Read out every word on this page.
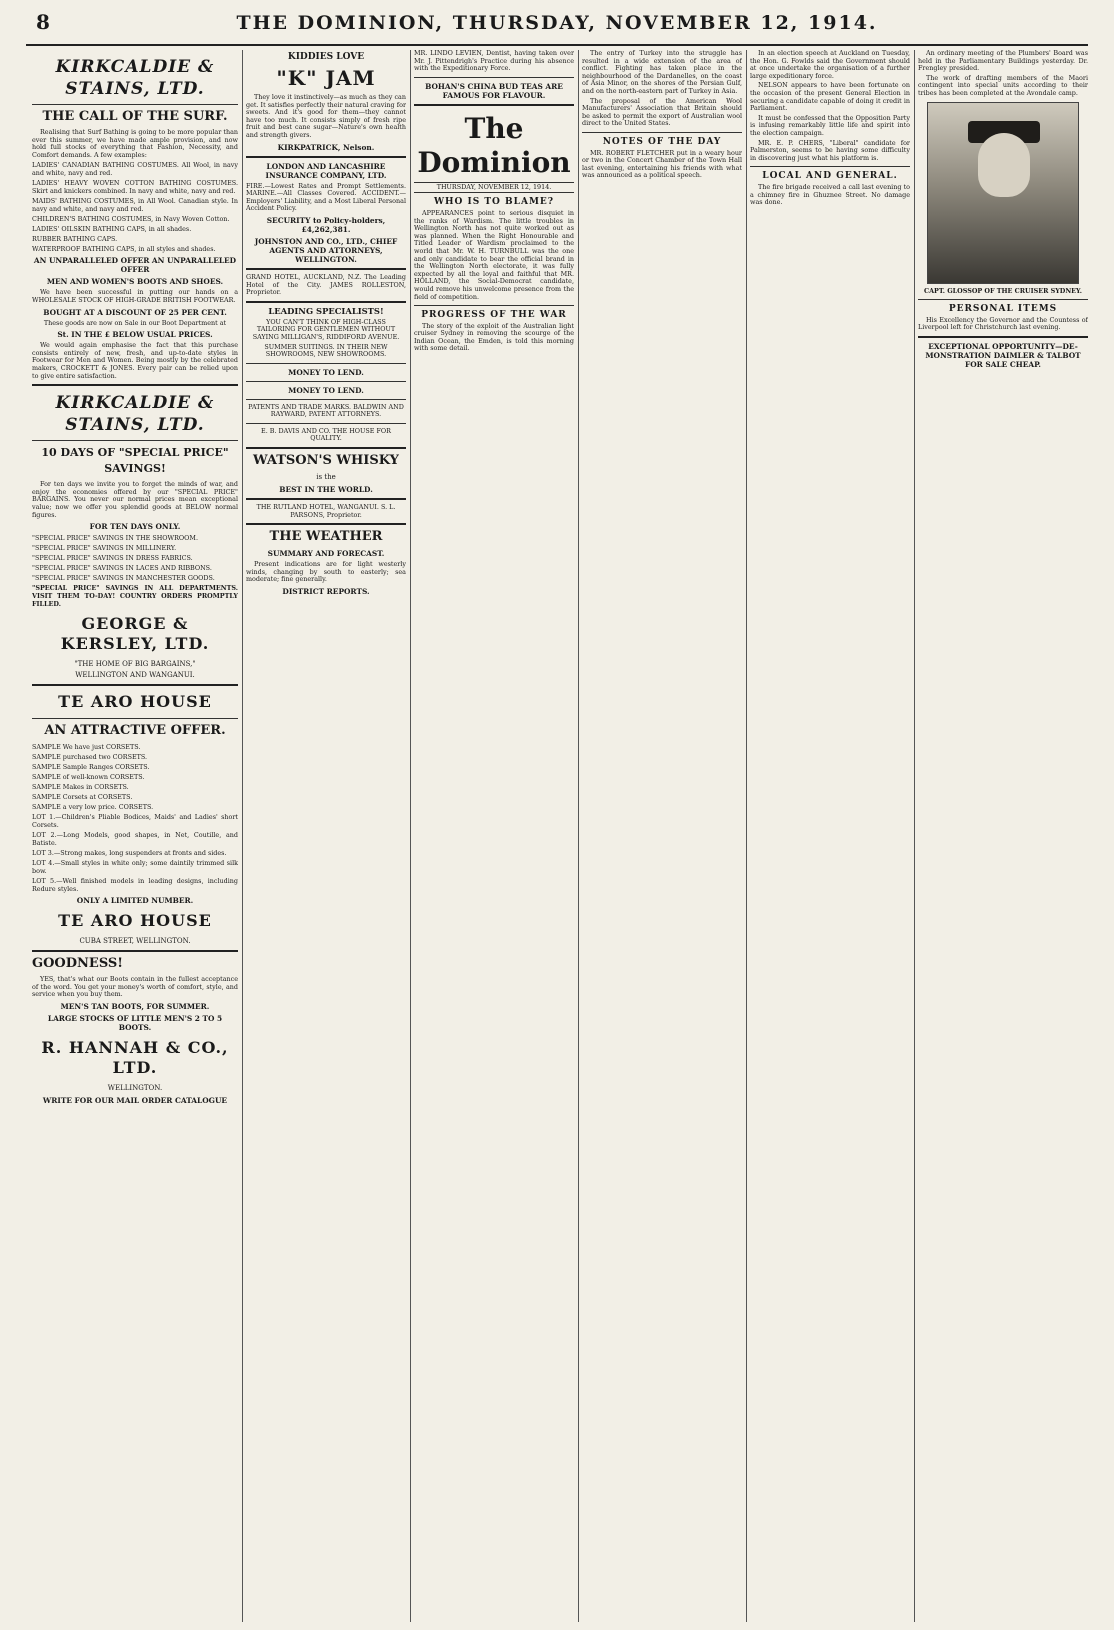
8	THE DOMINION, THURSDAY, NOVEMBER 12, 1914.
KIRKCALDIE & STAINS, LTD.
THE CALL OF THE SURF.

Realising that Surf Bathing is going to be more popular than ever this summer, we have made ample provision, and now hold full stocks of everything that Fashion, Necessity, and Comfort demands. A few examples:

LADIES' CANADIAN BATHING COSTUMES. All Wool, in navy and white, navy and red.

LADIES' HEAVY WOVEN COTTON BATHING COSTUMES. Skirt and knickers combined. In navy and white, navy and red.

MAIDS' BATHING COSTUMES, in All Wool. Canadian style. In navy and white, and navy and red.

CHILDREN'S BATHING COSTUMES, in Navy Woven Cotton.

LADIES' OILSKIN BATHING CAPS, in all shades.

RUBBER BATHING CAPS.

WATERPROOF BATHING CAPS, in all styles and shades.

AN UNPARALLELED OFFER AN UNPARALLELED OFFER
MEN AND WOMEN'S BOOTS AND SHOES.

We have been successful in putting our hands on a WHOLESALE STOCK OF HIGH-GRADE BRITISH FOOTWEAR.

BOUGHT AT A DISCOUNT OF 25 PER CENT.

These goods are now on Sale in our Boot Department at

St. IN THE £ BELOW USUAL PRICES.

We would again emphasise the fact that this purchase consists entirely of new, fresh, and up-to-date styles in Footwear for Men and Women. Being mostly by the celebrated makers, CROCKETT & JONES. Every pair can be relied upon to give entire satisfaction.

KIRKCALDIE & STAINS, LTD.
10 DAYS OF "SPECIAL PRICE" SAVINGS!

For ten days we invite you to forget the minds of war, and enjoy the economies offered by our "SPECIAL PRICE" BARGAINS. You never our normal prices mean exceptional value; now we offer you splendid goods at BELOW normal figures.

FOR TEN DAYS ONLY.

"SPECIAL PRICE" SAVINGS IN THE SHOWROOM.

"SPECIAL PRICE" SAVINGS IN MILLINERY.

"SPECIAL PRICE" SAVINGS IN DRESS FABRICS.

"SPECIAL PRICE" SAVINGS IN LACES AND RIBBONS.

"SPECIAL PRICE" SAVINGS IN MANCHESTER GOODS.

"SPECIAL PRICE" SAVINGS IN ALL DEPARTMENTS. VISIT THEM TO-DAY! COUNTRY ORDERS PROMPTLY FILLED.

GEORGE & KERSLEY, LTD.
"THE HOME OF BIG BARGAINS,"
WELLINGTON AND WANGANUI.
TE ARO HOUSE
AN ATTRACTIVE OFFER.

SAMPLE We have just CORSETS.

SAMPLE purchased two CORSETS.

SAMPLE Sample Ranges CORSETS.

SAMPLE of well-known CORSETS.

SAMPLE Makes in CORSETS.

SAMPLE Corsets at CORSETS.

SAMPLE a very low price. CORSETS.

LOT 1.—Children's Pliable Bodices, Maids' and Ladies' short Corsets.

LOT 2.—Long Models, good shapes, in Net, Coutille, and Batiste.

LOT 3.—Strong makes, long suspenders at fronts and sides.

LOT 4.—Small styles in white only; some daintily trimmed silk bow.

LOT 5.—Well finished models in leading designs, including Redure styles.

ONLY A LIMITED NUMBER.
TE ARO HOUSE
CUBA STREET, WELLINGTON.
GOODNESS!

YES, that's what our Boots contain in the fullest acceptance of the word. You get your money's worth of comfort, style, and service when you buy them.

MEN'S TAN BOOTS, FOR SUMMER.
LARGE STOCKS OF LITTLE MEN'S 2 TO 5 BOOTS.
R. HANNAH & CO., LTD.
WELLINGTON.
WRITE FOR OUR MAIL ORDER CATALOGUE
KIDDIES LOVE
"K" JAM

They love it instinctively—as much as they can get. It satisfies perfectly their natural craving for sweets. And it's good for them—they cannot have too much. It consists simply of fresh ripe fruit and best cane sugar—Nature's own health and strength givers.

KIRKPATRICK, Nelson.
LONDON AND LANCASHIRE INSURANCE COMPANY, LTD.

FIRE.—Lowest Rates and Prompt Settlements. MARINE.—All Classes Covered. ACCIDENT.—Employers' Liability, and a Most Liberal Personal Accident Policy.

SECURITY to Policy-holders, £4,262,381.
JOHNSTON AND CO., LTD., CHIEF AGENTS AND ATTORNEYS, WELLINGTON.

GRAND HOTEL, AUCKLAND, N.Z. The Leading Hotel of the City. JAMES ROLLESTON, Proprietor.

LEADING SPECIALISTS!

YOU CAN'T THINK OF HIGH-CLASS TAILORING FOR GENTLEMEN WITHOUT SAYING MILLIGAN'S, RIDDIFORD AVENUE.

SUMMER SUITINGS. IN THEIR NEW SHOWROOMS, NEW SHOWROOMS.

MONEY TO LEND.
MONEY TO LEND.

PATENTS AND TRADE MARKS. BALDWIN AND RAYWARD, PATENT ATTORNEYS.

E. B. DAVIS AND CO. THE HOUSE FOR QUALITY.

WATSON'S WHISKY
is the
BEST IN THE WORLD.

THE RUTLAND HOTEL, WANGANUI. S. L. PARSONS, Proprietor.

THE WEATHER
SUMMARY AND FORECAST.

Present indications are for light westerly winds, changing by south to easterly; sea moderate; fine generally.

DISTRICT REPORTS.

MR. LINDO LEVIEN, Dentist, having taken over Mr. J. Pittendrigh's Practice during his absence with the Expeditionary Force.

BOHAN'S CHINA BUD TEAS ARE FAMOUS FOR FLAVOUR.

The Dominion
THURSDAY, NOVEMBER 12, 1914.
WHO IS TO BLAME?

APPEARANCES point to serious disquiet in the ranks of Wardism. The little troubles in Wellington North has not quite worked out as was planned. When the Right Honourable and Titled Leader of Wardism proclaimed to the world that Mr. W. H. TURNBULL was the one and only candidate to bear the official brand in the Wellington North electorate, it was fully expected by all the loyal and faithful that MR. HOLLAND, the Social-Democrat candidate, would remove his unwelcome presence from the field of competition.

PROGRESS OF THE WAR

The story of the exploit of the Australian light cruiser Sydney in removing the scourge of the Indian Ocean, the Emden, is told this morning with some detail.

The entry of Turkey into the struggle has resulted in a wide extension of the area of conflict. Fighting has taken place in the neighbourhood of the Dardanelles, on the coast of Asia Minor, on the shores of the Persian Gulf, and on the north-eastern part of Turkey in Asia.

The proposal of the American Wool Manufacturers' Association that Britain should be asked to permit the export of Australian wool direct to the United States.

NOTES OF THE DAY

MR. ROBERT FLETCHER put in a weary hour or two in the Concert Chamber of the Town Hall last evening, entertaining his friends with what was announced as a political speech.

In an election speech at Auckland on Tuesday, the Hon. G. Fowlds said the Government should at once undertake the organisation of a further large expeditionary force.

NELSON appears to have been fortunate on the occasion of the present General Election in securing a candidate capable of doing it credit in Parliament.

It must be confessed that the Opposition Party is infusing remarkably little life and spirit into the election campaign.

MR. E. P. CHERS, "Liberal" candidate for Palmerston, seems to be having some difficulty in discovering just what his platform is.

LOCAL AND GENERAL.

The fire brigade received a call last evening to a chimney fire in Ghuznee Street. No damage was done.

An ordinary meeting of the Plumbers' Board was held in the Parliamentary Buildings yesterday. Dr. Frengley presided.

The work of drafting members of the Maori contingent into special units according to their tribes has been completed at the Avondale camp.

CAPT. GLOSSOP OF THE CRUISER SYDNEY.
PERSONAL ITEMS

His Excellency the Governor and the Countess of Liverpool left for Christchurch last evening.

EXCEPTIONAL OPPORTUNITY—DE-MONSTRATION DAIMLER & TALBOT FOR SALE CHEAP.
